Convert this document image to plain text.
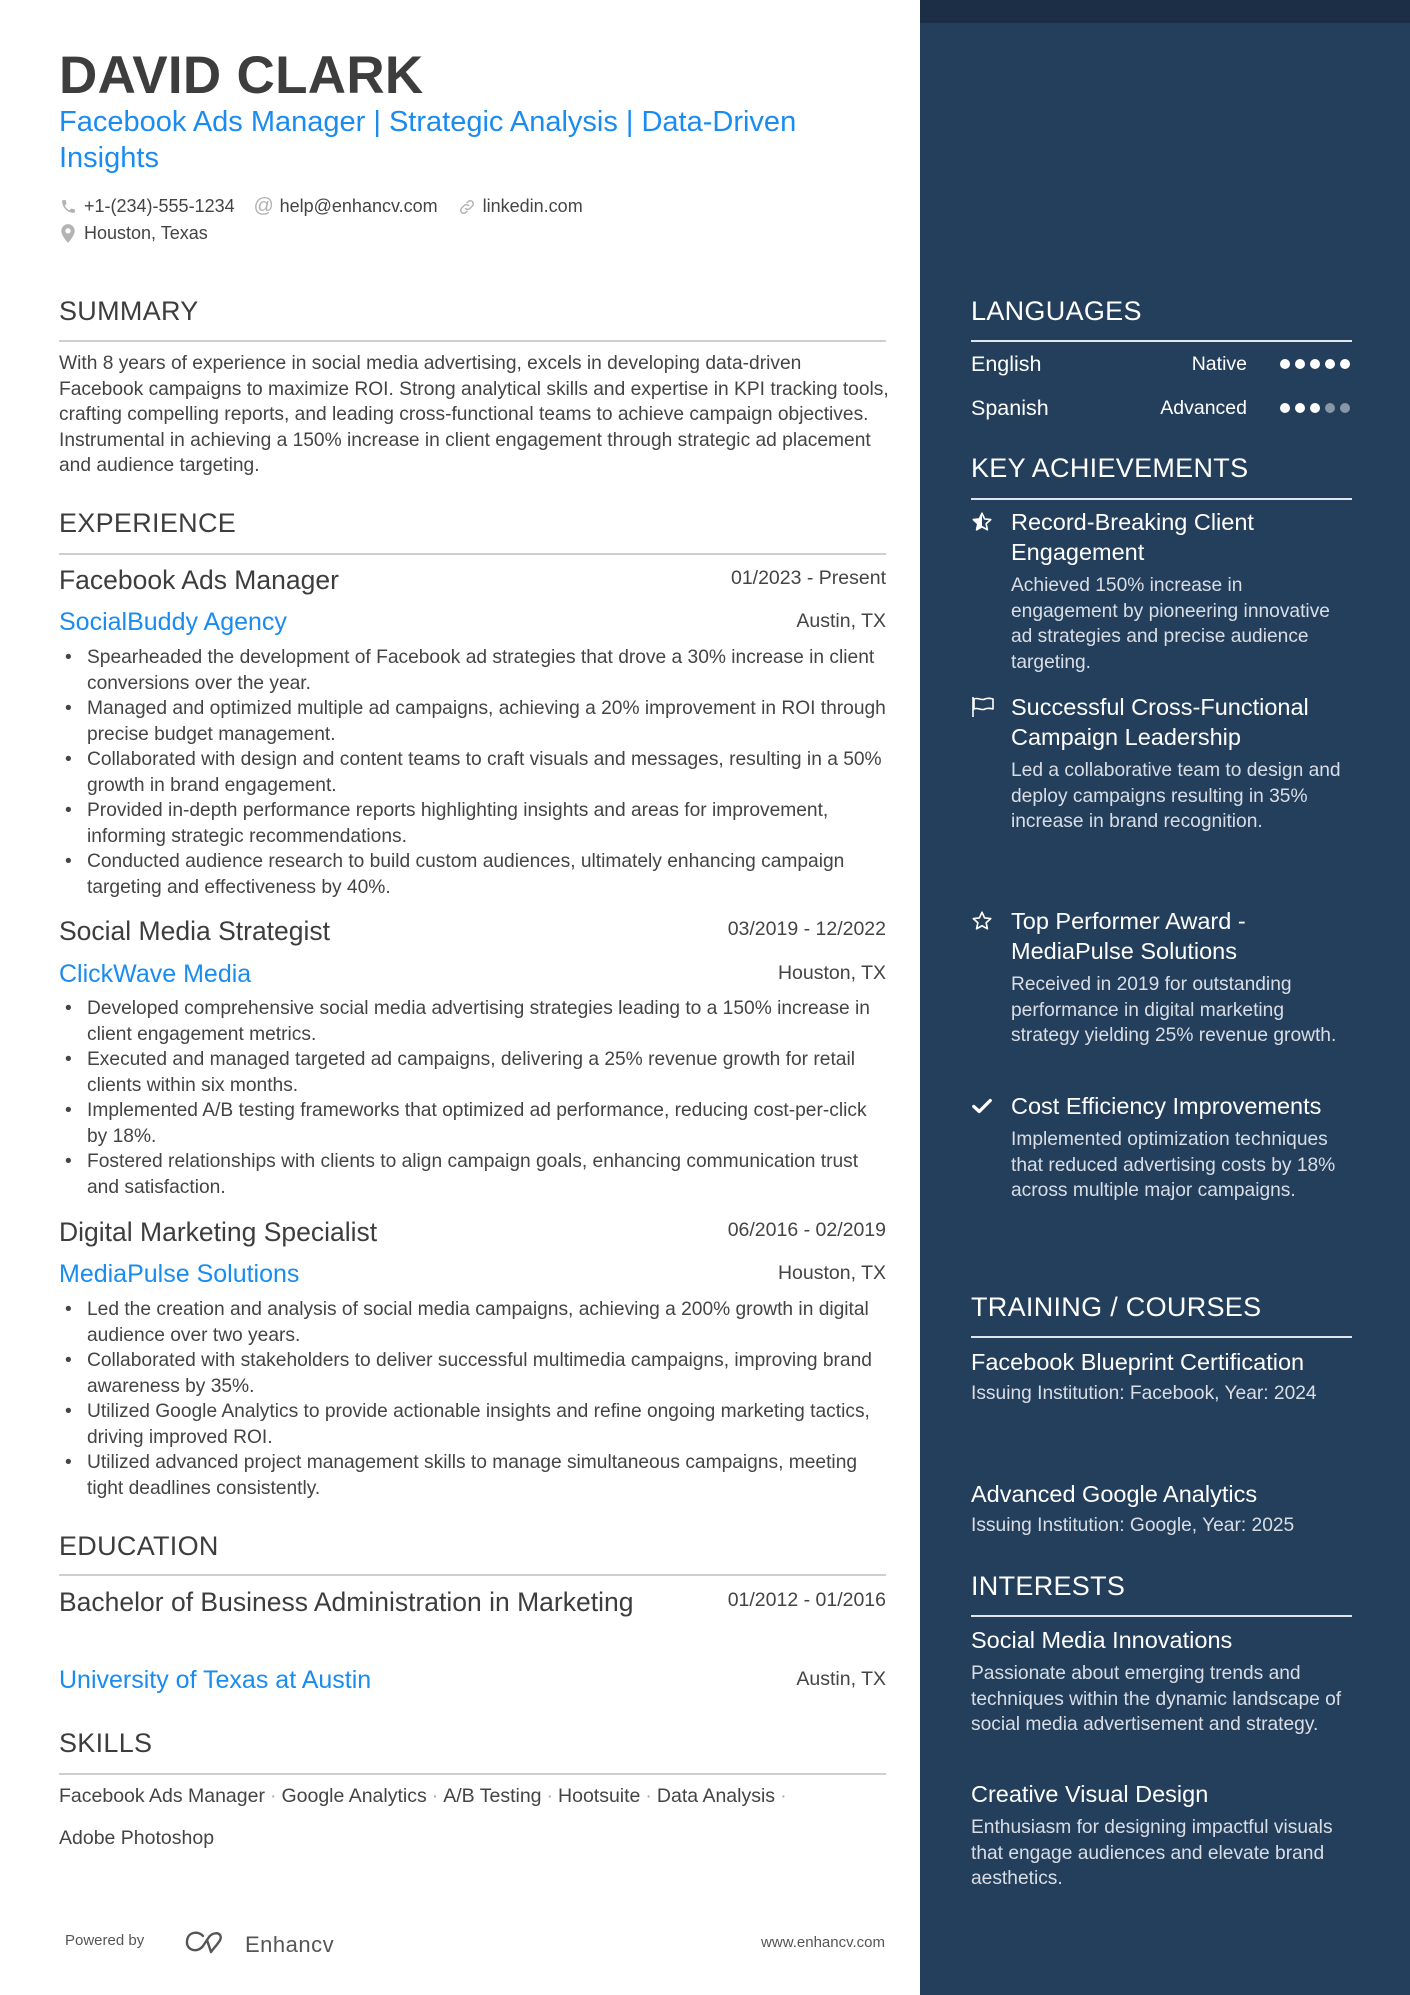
DAVID CLARK
Facebook Ads Manager | Strategic Analysis | Data-Driven Insights
+1-(234)-555-1234 @ help@enhancv.com	linkedin.com
Houston, Texas
SUMMARY
With 8 years of experience in social media advertising, excels in developing data-driven Facebook campaigns to maximize ROI. Strong analytical skills and expertise in KPI tracking tools, crafting compelling reports, and leading cross-functional teams to achieve campaign objectives. Instrumental in achieving a 150% increase in client engagement through strategic ad placement and audience targeting.
EXPERIENCE
Facebook Ads Manager	01/2023 - Present
SocialBuddy Agency	Austin, TX
• Spearheaded the development of Facebook ad strategies that drove a 30% increase in client conversions over the year.
• Managed and optimized multiple ad campaigns, achieving a 20% improvement in ROI through precise budget management.
• Collaborated with design and content teams to craft visuals and messages, resulting in a 50% growth in brand engagement.
• Provided in-depth performance reports highlighting insights and areas for improvement, informing strategic recommendations.
• Conducted audience research to build custom audiences, ultimately enhancing campaign targeting and effectiveness by 40%.
Social Media Strategist	03/2019 - 12/2022
ClickWave Media	Houston, TX
• Developed comprehensive social media advertising strategies leading to a 150% increase in client engagement metrics.
• Executed and managed targeted ad campaigns, delivering a 25% revenue growth for retail clients within six months.
• Implemented A/B testing frameworks that optimized ad performance, reducing cost-per-click by 18%.
• Fostered relationships with clients to align campaign goals, enhancing communication trust and satisfaction.
Digital Marketing Specialist	06/2016 - 02/2019
MediaPulse Solutions	Houston, TX
• Led the creation and analysis of social media campaigns, achieving a 200% growth in digital audience over two years.
• Collaborated with stakeholders to deliver successful multimedia campaigns, improving brand awareness by 35%.
• Utilized Google Analytics to provide actionable insights and refine ongoing marketing tactics, driving improved ROI.
• Utilized advanced project management skills to manage simultaneous campaigns, meeting tight deadlines consistently.
EDUCATION
Bachelor of Business Administration in Marketing	01/2012 - 01/2016
University of Texas at Austin	Austin, TX
SKILLS
Facebook Ads Manager · Google Analytics · A/B Testing · Hootsuite · Data Analysis ·
Adobe Photoshop
Powered by	Enhancv	www.enhancv.com
LANGUAGES
English	Native
Spanish	Advanced
KEY ACHIEVEMENTS
Record-Breaking Client Engagement
Achieved 150% increase in engagement by pioneering innovative ad strategies and precise audience targeting.
Successful Cross-Functional Campaign Leadership
Led a collaborative team to design and deploy campaigns resulting in 35% increase in brand recognition.
Top Performer Award - MediaPulse Solutions
Received in 2019 for outstanding performance in digital marketing strategy yielding 25% revenue growth.
Cost Efficiency Improvements
Implemented optimization techniques that reduced advertising costs by 18% across multiple major campaigns.
TRAINING / COURSES
Facebook Blueprint Certification
Issuing Institution: Facebook, Year: 2024
Advanced Google Analytics
Issuing Institution: Google, Year: 2025
INTERESTS
Social Media Innovations
Passionate about emerging trends and techniques within the dynamic landscape of social media advertisement and strategy.
Creative Visual Design
Enthusiasm for designing impactful visuals that engage audiences and elevate brand aesthetics.
